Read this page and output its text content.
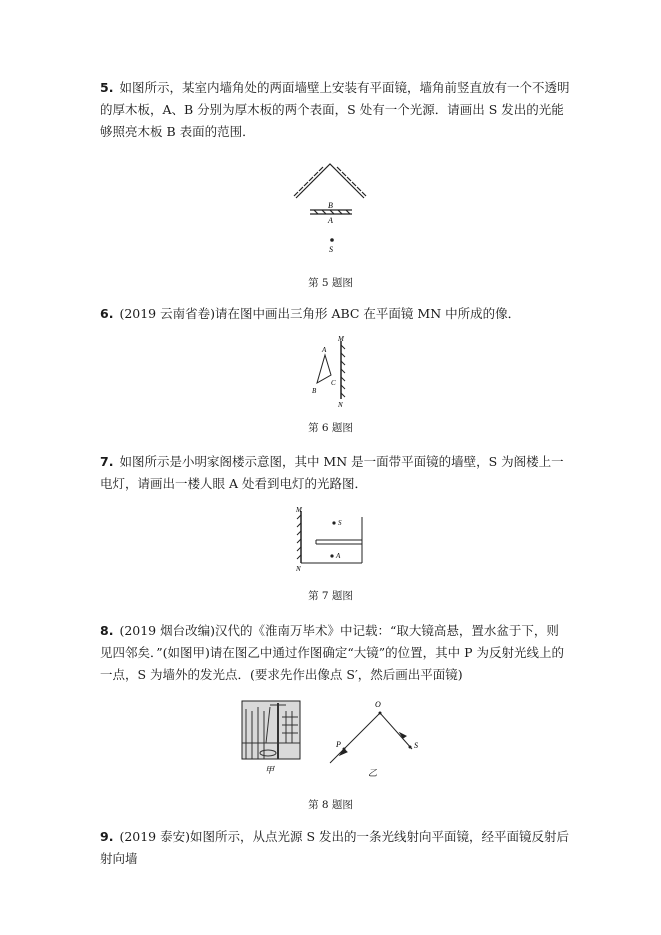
5. 如图所示，某室内墙角处的两面墙壁上安装有平面镜，墙角前竖直放有一个不透明的厚木板，A、B 分别为厚木板的两个表面，S 处有一个光源．请画出 S 发出的光能够照亮木板 B 表面的范围．
B
A
S
第 5 题图
6. (2019 云南省卷)请在图中画出三角形 ABC 在平面镜 MN 中所成的像．
A
B
C
M
N
第 6 题图
7. 如图所示是小明家阁楼示意图，其中 MN 是一面带平面镜的墙壁，S 为阁楼上一电灯，请画出一楼人眼 A 处看到电灯的光路图．
M
N
S
A
第 7 题图
8. (2019 烟台改编)汉代的《淮南万毕术》中记载：“取大镜高悬，置水盆于下，则见四邻矣．”(如图甲)请在图乙中通过作图确定“大镜”的位置，其中 P 为反射光线上的一点，S 为墙外的发光点．(要求先作出像点 S′，然后画出平面镜)
甲
O
P	S
乙
第 8 题图
9. (2019 泰安)如图所示，从点光源 S 发出的一条光线射向平面镜，经平面镜反射后射向墙
